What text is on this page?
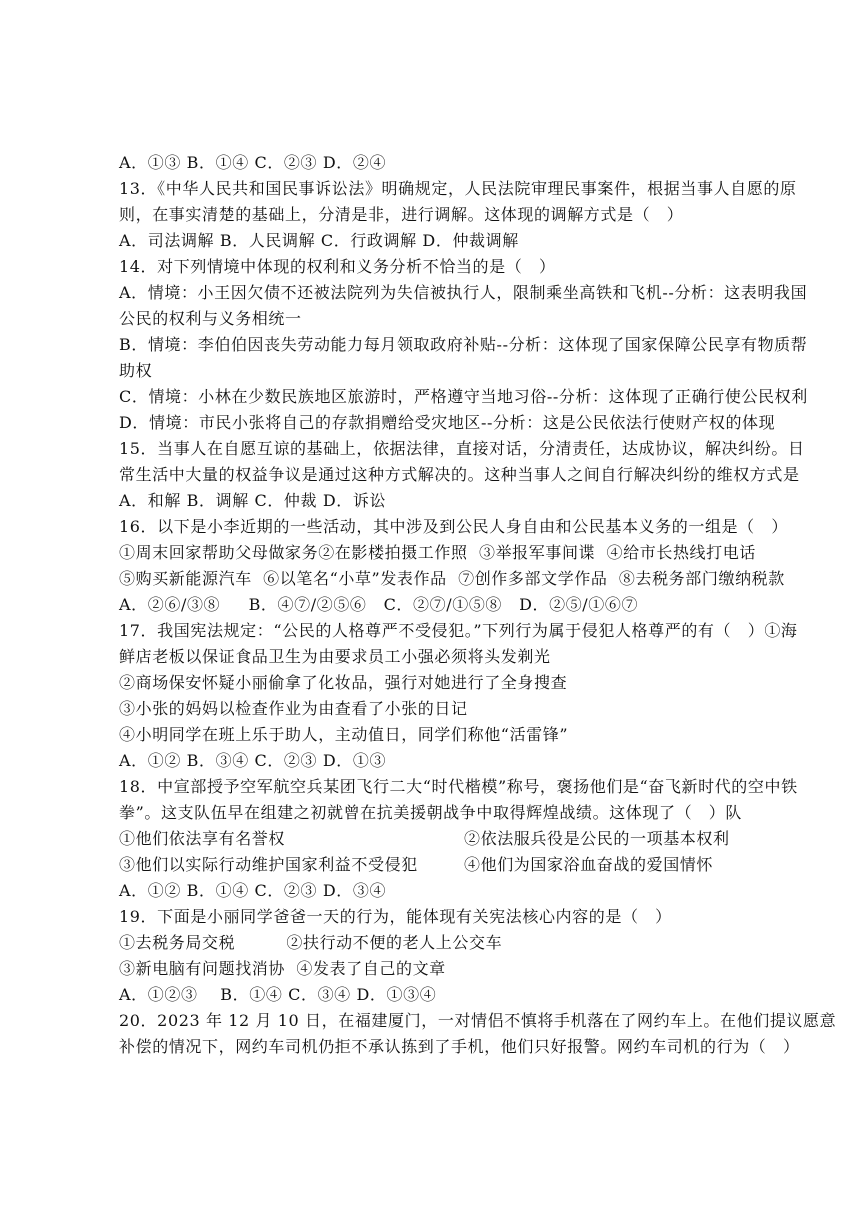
A．①③ B．①④ C．②③ D．②④
13．《中华人民共和国民事诉讼法》明确规定，人民法院审理民事案件，根据当事人自愿的原
则，在事实清楚的基础上，分清是非，进行调解。这体现的调解方式是（　）
A．司法调解 B．人民调解 C．行政调解 D．仲裁调解
14．对下列情境中体现的权利和义务分析不恰当的是（　）
A．情境：小王因欠债不还被法院列为失信被执行人，限制乘坐高铁和飞机--分析：这表明我国
公民的权利与义务相统一
B．情境：李伯伯因丧失劳动能力每月领取政府补贴--分析：这体现了国家保障公民享有物质帮
助权
C．情境：小林在少数民族地区旅游时，严格遵守当地习俗--分析：这体现了正确行使公民权利
D．情境：市民小张将自己的存款捐赠给受灾地区--分析：这是公民依法行使财产权的体现
15．当事人在自愿互谅的基础上，依据法律，直接对话，分清责任，达成协议，解决纠纷。日
常生活中大量的权益争议是通过这种方式解决的。这种当事人之间自行解决纠纷的维权方式是
A．和解 B．调解 C．仲裁 D．诉讼
16．以下是小李近期的一些活动，其中涉及到公民人身自由和公民基本义务的一组是（　）
①周末回家帮助父母做家务②在影楼拍摄工作照  ③举报军事间谍  ④给市长热线打电话
⑤购买新能源汽车  ⑥以笔名“小草”发表作品  ⑦创作多部文学作品  ⑧去税务部门缴纳税款
A．②⑥/③⑧     B．④⑦/②⑤⑥   C．②⑦/①⑤⑧   D．②⑤/①⑥⑦
17．我国宪法规定：“公民的人格尊严不受侵犯。”下列行为属于侵犯人格尊严的有（　）①海
鲜店老板以保证食品卫生为由要求员工小强必须将头发剃光
②商场保安怀疑小丽偷拿了化妆品，强行对她进行了全身搜查
③小张的妈妈以检查作业为由查看了小张的日记
④小明同学在班上乐于助人，主动值日，同学们称他“活雷锋”
A．①② B．③④ C．②③ D．①③
18．中宣部授予空军航空兵某团飞行二大“时代楷模”称号，褒扬他们是“奋飞新时代的空中铁
拳”。这支队伍早在组建之初就曾在抗美援朝战争中取得辉煌战绩。这体现了（　）队
①他们依法享有名誉权	②依法服兵役是公民的一项基本权利
③他们以实际行动维护国家利益不受侵犯	④他们为国家浴血奋战的爱国情怀
A．①② B．①④ C．②③ D．③④
19．下面是小丽同学爸爸一天的行为，能体现有关宪法核心内容的是（　）
①去税务局交税         ②扶行动不便的老人上公交车
③新电脑有问题找消协  ④发表了自己的文章
A．①②③    B．①④ C．③④ D．①③④
20．2023 年 12 月 10 日，在福建厦门，一对情侣不慎将手机落在了网约车上。在他们提议愿意
补偿的情况下，网约车司机仍拒不承认拣到了手机，他们只好报警。网约车司机的行为（　）
